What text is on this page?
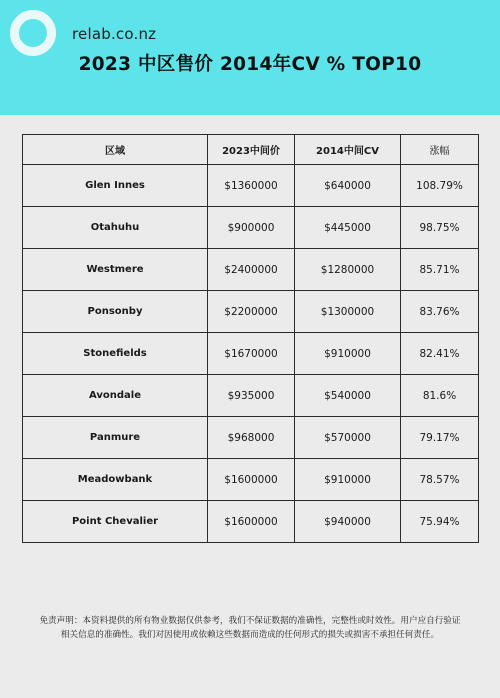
relab.co.nz
2023 中区售价 2014年CV % TOP10
区域	2023中间价	2014中间CV	涨幅
Glen Innes	$1360000	$640000	108.79%
Otahuhu	$900000	$445000	98.75%
Westmere	$2400000	$1280000	85.71%
Ponsonby	$2200000	$1300000	83.76%
Stonefields	$1670000	$910000	82.41%
Avondale	$935000	$540000	81.6%
Panmure	$968000	$570000	79.17%
Meadowbank	$1600000	$910000	78.57%
Point Chevalier	$1600000	$940000	75.94%
免责声明：本资料提供的所有物业数据仅供参考，我们不保证数据的准确性，完整性或时效性。用户应自行验证相关信息的准确性。我们对因使用或依赖这些数据而造成的任何形式的损失或损害不承担任何责任。
